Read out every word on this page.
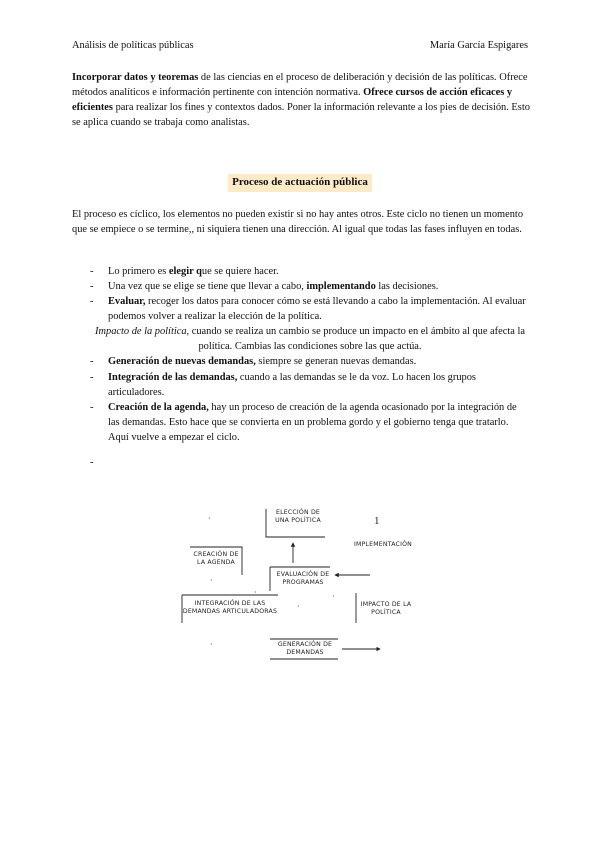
Análisis de políticas públicas	María García Espigares

Incorporar datos y teoremas de las ciencias en el proceso de deliberación y decisión de las políticas. Ofrece métodos analíticos e información pertinente con intención normativa. Ofrece cursos de acción eficaces y eficientes para realizar los fines y contextos dados. Poner la información relevante a los pies de decisión. Esto se aplica cuando se trabaja como analistas.

Proceso de actuación pública

El proceso es cíclico, los elementos no pueden existir si no hay antes otros. Este ciclo no tienen un momento que se empiece o se termine,, ni siquiera tienen una dirección. Al igual que todas las fases influyen en todas.

- Lo primero es elegir que se quiere hacer.
- Una vez que se elige se tiene que llevar a cabo, implementando las decisiones.
- Evaluar, recoger los datos para conocer cómo se está llevando a cabo la implementación. Al evaluar podemos volver a realizar la elección de la política.
Impacto de la política, cuando se realiza un cambio se produce un impacto en el ámbito al que afecta la política. Cambias las condiciones sobre las que actúa.
- Generación de nuevas demandas, siempre se generan nuevas demandas.
- Integración de las demandas, cuando a las demandas se le da voz. Lo hacen los grupos articuladores.
- Creación de la agenda, hay un proceso de creación de la agenda ocasionado por la integración de las demandas. Esto hace que se convierta en un problema gordo y el gobierno tenga que tratarlo. Aquí vuelve a empezar el ciclo.
-
ELECCIÓN DE
UNA POLÍTICA
IMPLEMENTACIÓN
CREACIÓN DE
LA AGENDA
EVALUACIÓN DE
PROGRAMAS
INTEGRACIÓN DE LAS
DEMANDAS ARTICULADORAS
IMPACTO DE LA
POLÍTICA
GENERACIÓN DE
DEMANDAS
1
·
·
·
·
·
·
